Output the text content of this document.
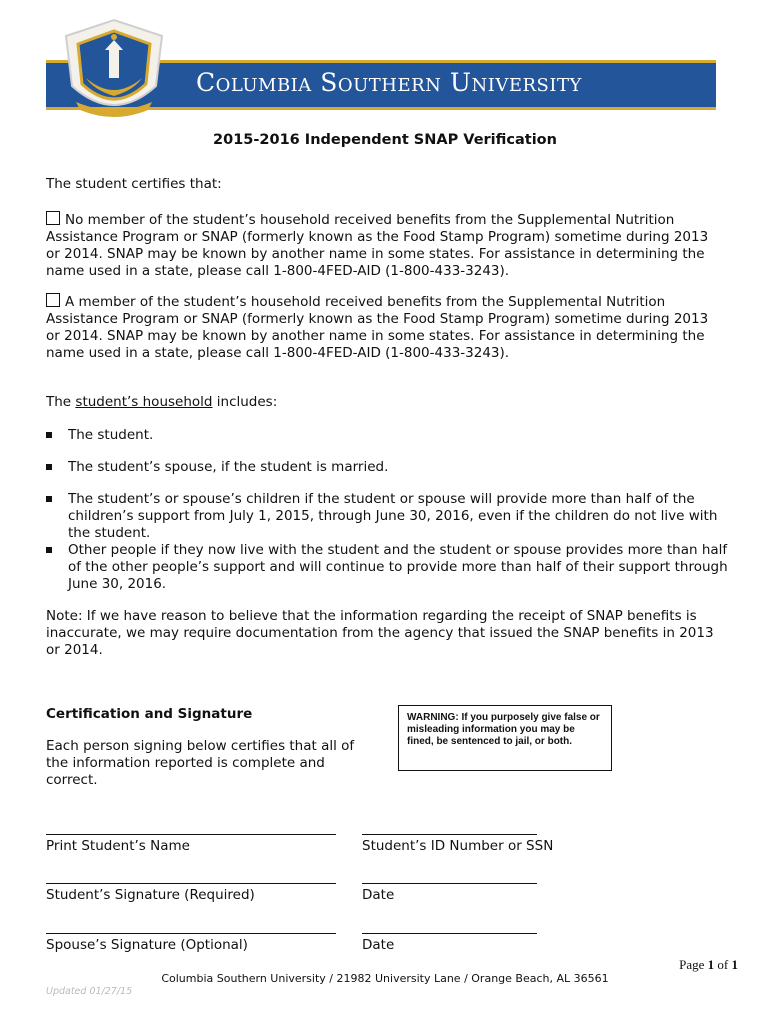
Columbia Southern University
2015-2016 Independent SNAP Verification
The student certifies that:
No member of the student’s household received benefits from the Supplemental Nutrition Assistance Program or SNAP (formerly known as the Food Stamp Program) sometime during 2013 or 2014. SNAP may be known by another name in some states. For assistance in determining the name used in a state, please call 1-800-4FED-AID (1-800-433-3243).
A member of the student’s household received benefits from the Supplemental Nutrition Assistance Program or SNAP (formerly known as the Food Stamp Program) sometime during 2013 or 2014. SNAP may be known by another name in some states. For assistance in determining the name used in a state, please call 1-800-4FED-AID (1-800-433-3243).
The student’s household includes:
The student.
The student’s spouse, if the student is married.
The student’s or spouse’s children if the student or spouse will provide more than half of the children’s support from July 1, 2015, through June 30, 2016, even if the children do not live with the student.
Other people if they now live with the student and the student or spouse provides more than half of the other people’s support and will continue to provide more than half of their support through June 30, 2016.
Note: If we have reason to believe that the information regarding the receipt of SNAP benefits is inaccurate, we may require documentation from the agency that issued the SNAP benefits in 2013 or 2014.
Certification and Signature
Each person signing below certifies that all of the information reported is complete and correct.
WARNING: If you purposely give false or misleading information you may be fined, be sentenced to jail, or both.
Print Student’s Name	Student’s ID Number or SSN
Student’s Signature (Required)	Date
Spouse’s Signature (Optional)	Date
Page 1 of 1
Columbia Southern University / 21982 University Lane / Orange Beach, AL 36561
Updated 01/27/15
